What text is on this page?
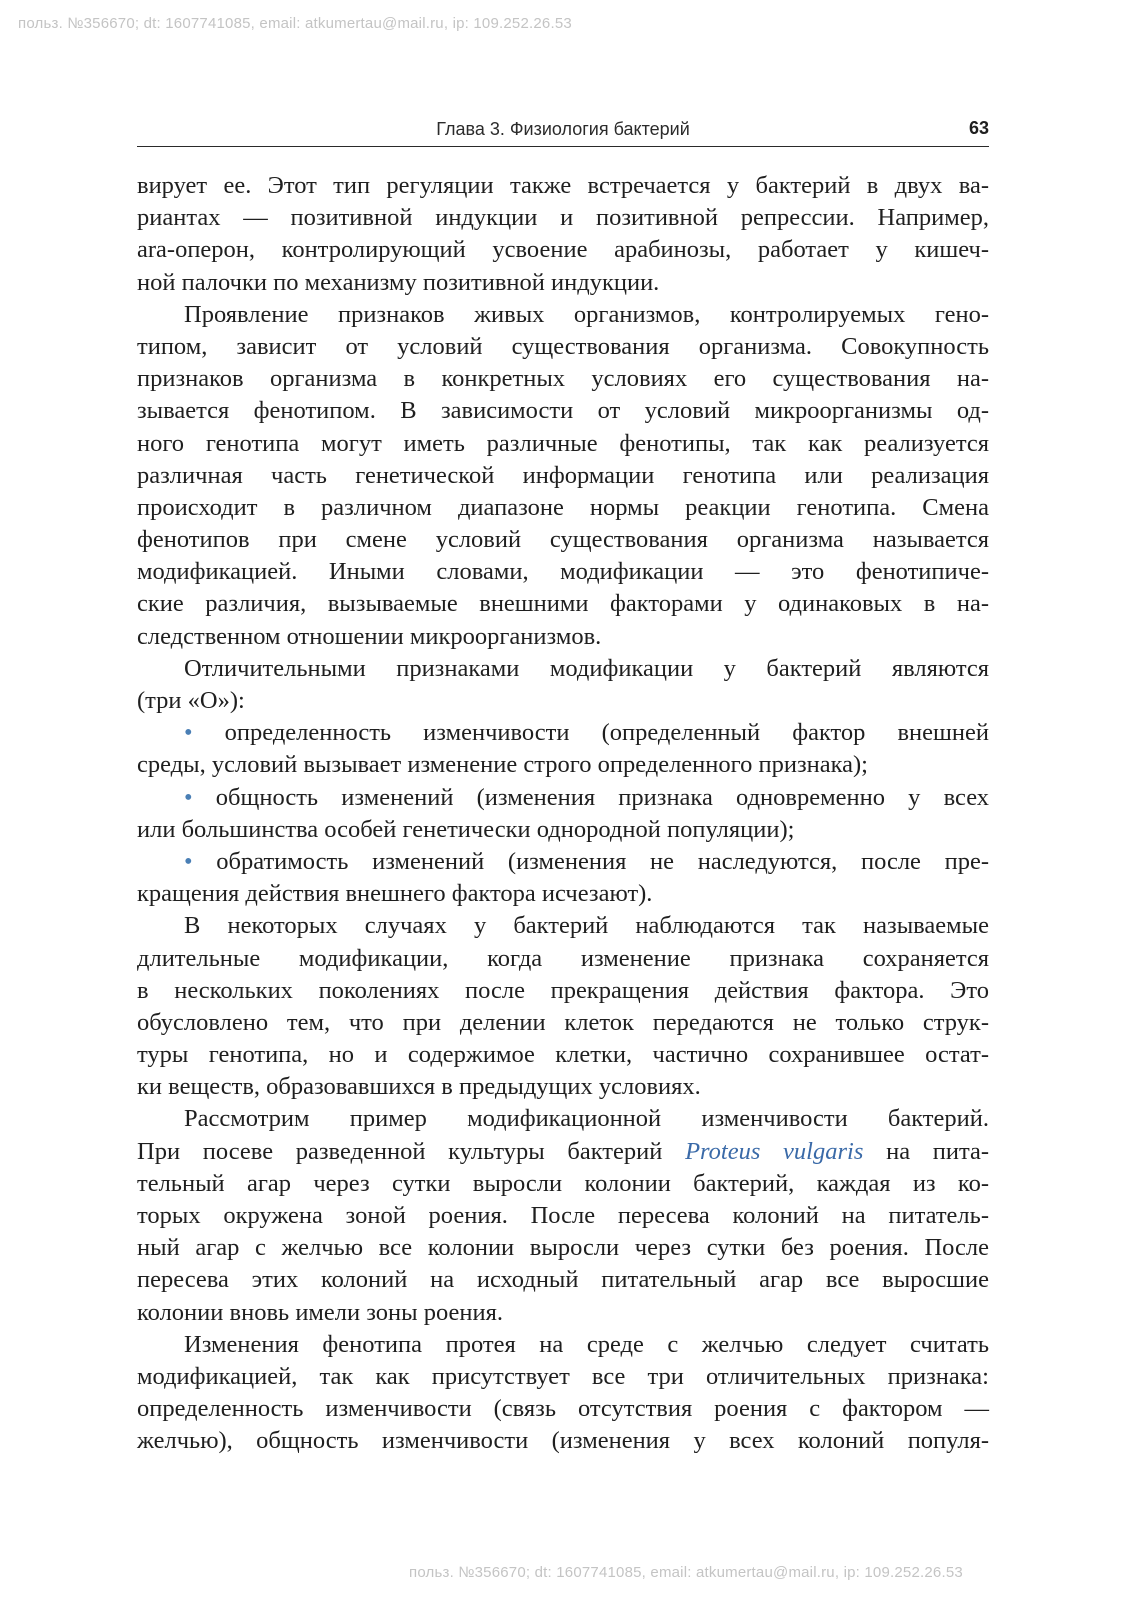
польз. №356670; dt: 1607741085, email: atkumertau@mail.ru, ip: 109.252.26.53
Глава 3. Физиология бактерий	63
вирует ее. Этот тип регуляции также встречается у бактерий в двух ва-
риантах — позитивной индукции и позитивной репрессии. Например,
ara-оперон, контролирующий усвоение арабинозы, работает у кишеч-
ной палочки по механизму позитивной индукции.
Проявление признаков живых организмов, контролируемых гено-
типом, зависит от условий существования организма. Совокупность
признаков организма в конкретных условиях его существования на-
зывается фенотипом. В зависимости от условий микроорганизмы од-
ного генотипа могут иметь различные фенотипы, так как реализуется
различная часть генетической информации генотипа или реализация
происходит в различном диапазоне нормы реакции генотипа. Смена
фенотипов при смене условий существования организма называется
модификацией. Иными словами, модификации — это фенотипиче-
ские различия, вызываемые внешними факторами у одинаковых в на-
следственном отношении микроорганизмов.
Отличительными признаками модификации у бактерий являются
(три «О»):
• определенность изменчивости (определенный фактор внешней
среды, условий вызывает изменение строго определенного признака);
• общность изменений (изменения признака одновременно у всех
или большинства особей генетически однородной популяции);
• обратимость изменений (изменения не наследуются, после пре-
кращения действия внешнего фактора исчезают).
В некоторых случаях у бактерий наблюдаются так называемые
длительные модификации, когда изменение признака сохраняется
в нескольких поколениях после прекращения действия фактора. Это
обусловлено тем, что при делении клеток передаются не только струк-
туры генотипа, но и содержимое клетки, частично сохранившее остат-
ки веществ, образовавшихся в предыдущих условиях.
Рассмотрим пример модификационной изменчивости бактерий.
При посеве разведенной культуры бактерий Proteus vulgaris на пита-
тельный агар через сутки выросли колонии бактерий, каждая из ко-
торых окружена зоной роения. После пересева колоний на питатель-
ный агар с желчью все колонии выросли через сутки без роения. После
пересева этих колоний на исходный питательный агар все выросшие
колонии вновь имели зоны роения.
Изменения фенотипа протея на среде с желчью следует считать
модификацией, так как присутствует все три отличительных признака:
определенность изменчивости (связь отсутствия роения с фактором —
желчью), общность изменчивости (изменения у всех колоний популя-
польз. №356670; dt: 1607741085, email: atkumertau@mail.ru, ip: 109.252.26.53
